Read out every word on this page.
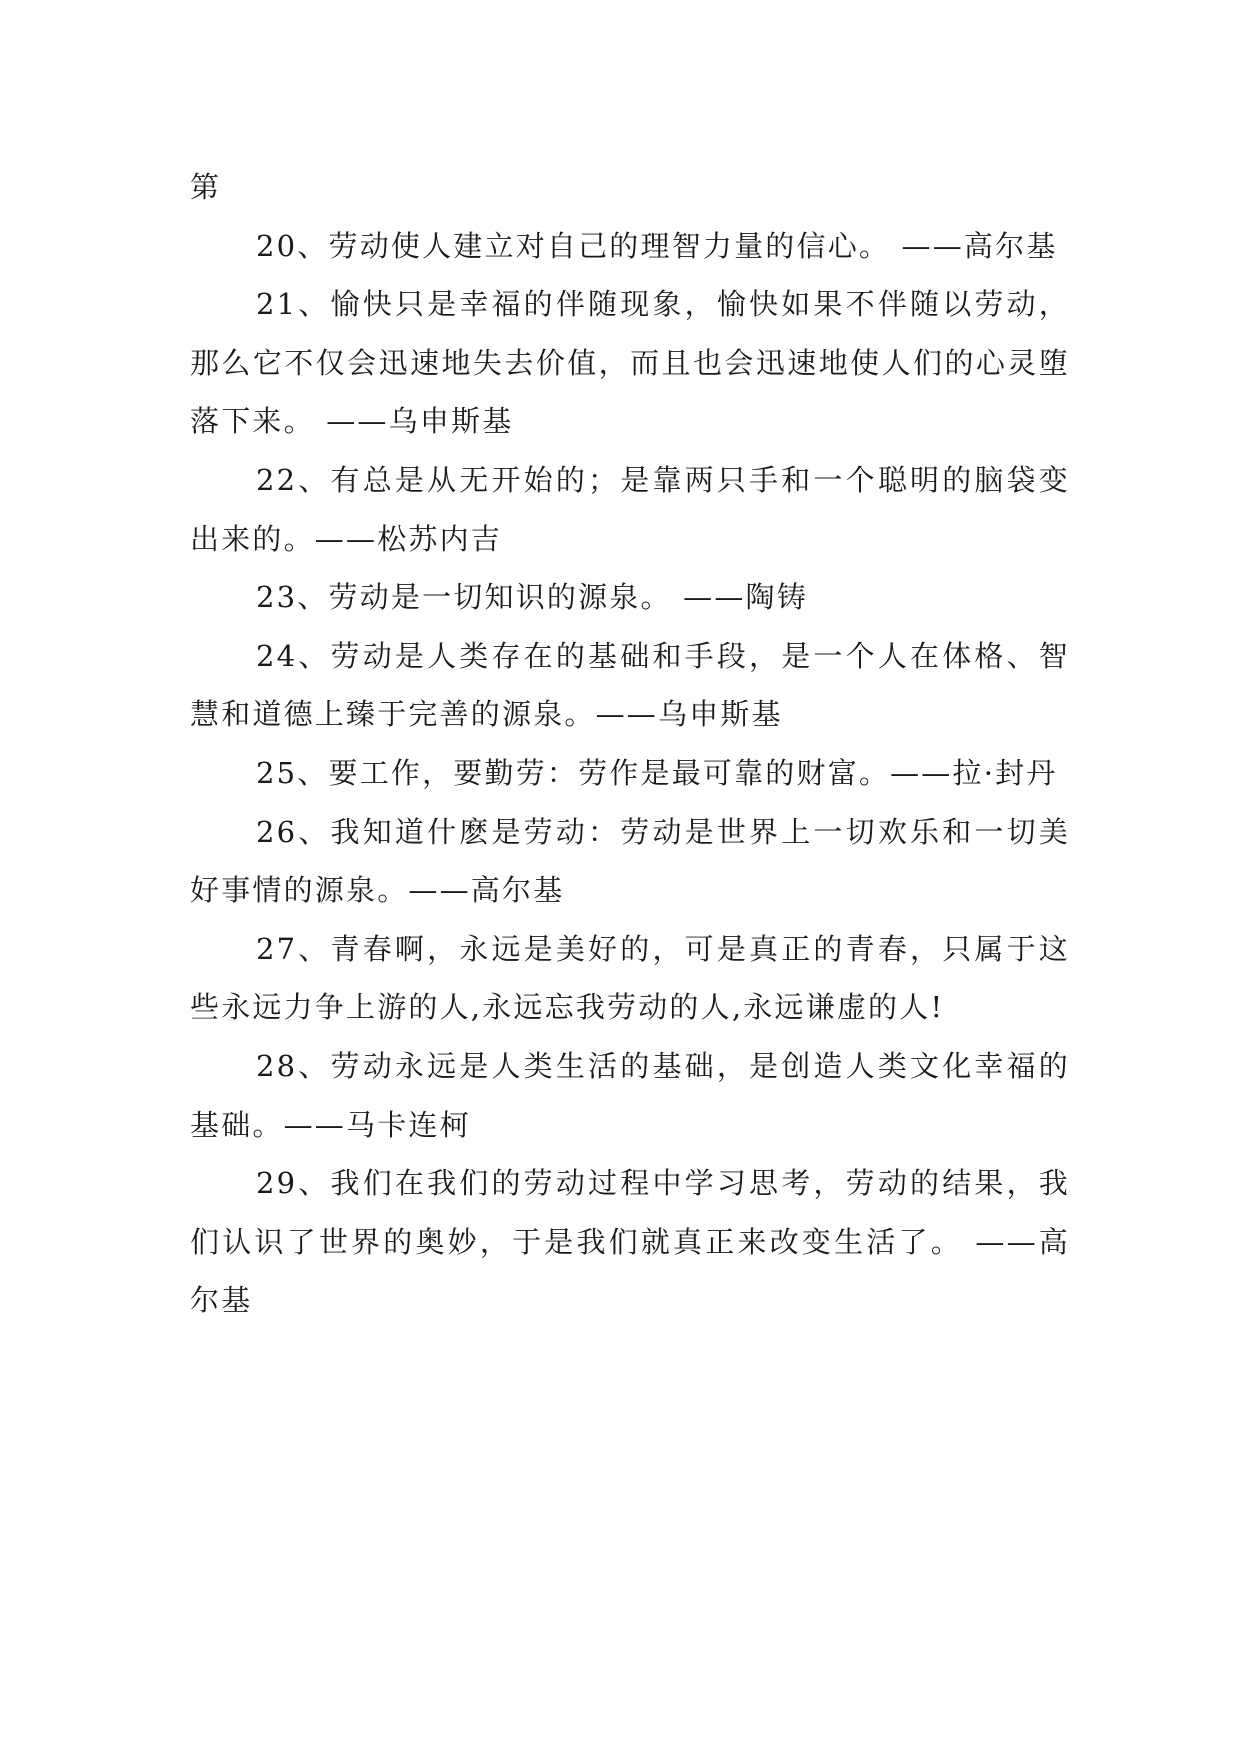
第

20、劳动使人建立对自己的理智力量的信心。 ——高尔基

21、愉快只是幸福的伴随现象，愉快如果不伴随以劳动，那么它不仅会迅速地失去价值，而且也会迅速地使人们的心灵堕落下来。 ——乌申斯基

22、有总是从无开始的；是靠两只手和一个聪明的脑袋变出来的。——松苏内吉

23、劳动是一切知识的源泉。 ——陶铸

24、劳动是人类存在的基础和手段，是一个人在体格、智慧和道德上臻于完善的源泉。——乌申斯基

25、要工作，要勤劳：劳作是最可靠的财富。——拉·封丹

26、我知道什麽是劳动：劳动是世界上一切欢乐和一切美好事情的源泉。——高尔基

27、青春啊，永远是美好的，可是真正的青春，只属于这些永远力争上游的人,永远忘我劳动的人,永远谦虚的人!

28、劳动永远是人类生活的基础，是创造人类文化幸福的基础。——马卡连柯

29、我们在我们的劳动过程中学习思考，劳动的结果，我们认识了世界的奥妙，于是我们就真正来改变生活了。 ——高尔基
